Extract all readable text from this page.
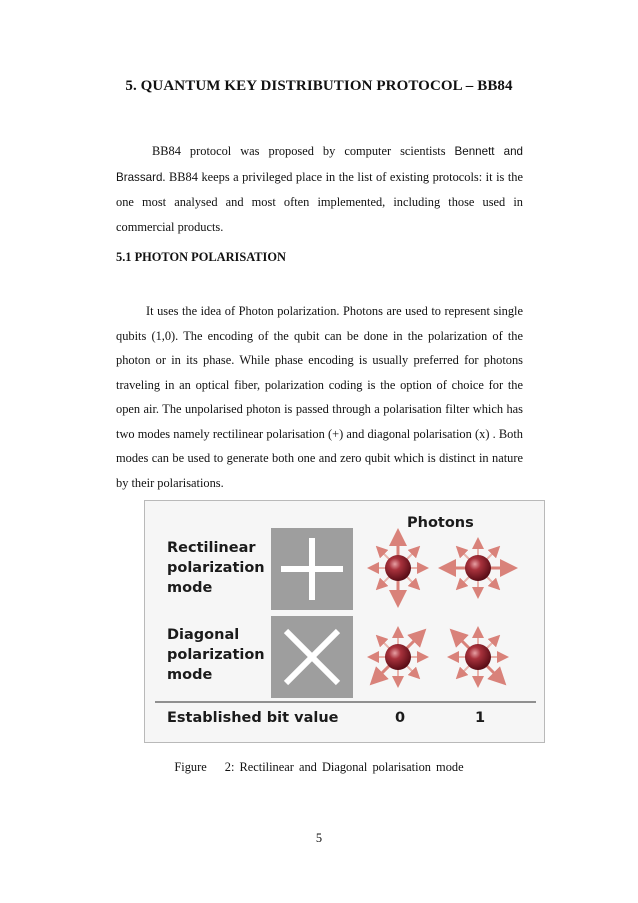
5. QUANTUM KEY DISTRIBUTION PROTOCOL – BB84
BB84 protocol was proposed by computer scientists Bennett and Brassard. BB84 keeps a privileged place in the list of existing protocols: it is the one most analysed and most often implemented, including those used in commercial products.
5.1 PHOTON POLARISATION
It uses the idea of Photon polarization. Photons are used to represent single qubits (1,0). The encoding of the qubit can be done in the polarization of the photon or in its phase. While phase encoding is usually preferred for photons traveling in an optical fiber, polarization coding is the option of choice for the open air. The unpolarised photon is passed through a polarisation filter which has two modes namely rectilinear polarisation (+) and diagonal polarisation (x) . Both modes can be used to generate both one and zero qubit which is distinct in nature by their polarisations.
Photons
Rectilinear
polarization
mode
Diagonal
polarization
mode
Established bit value	0	1
Figure 2: Rectilinear and Diagonal polarisation mode
5
